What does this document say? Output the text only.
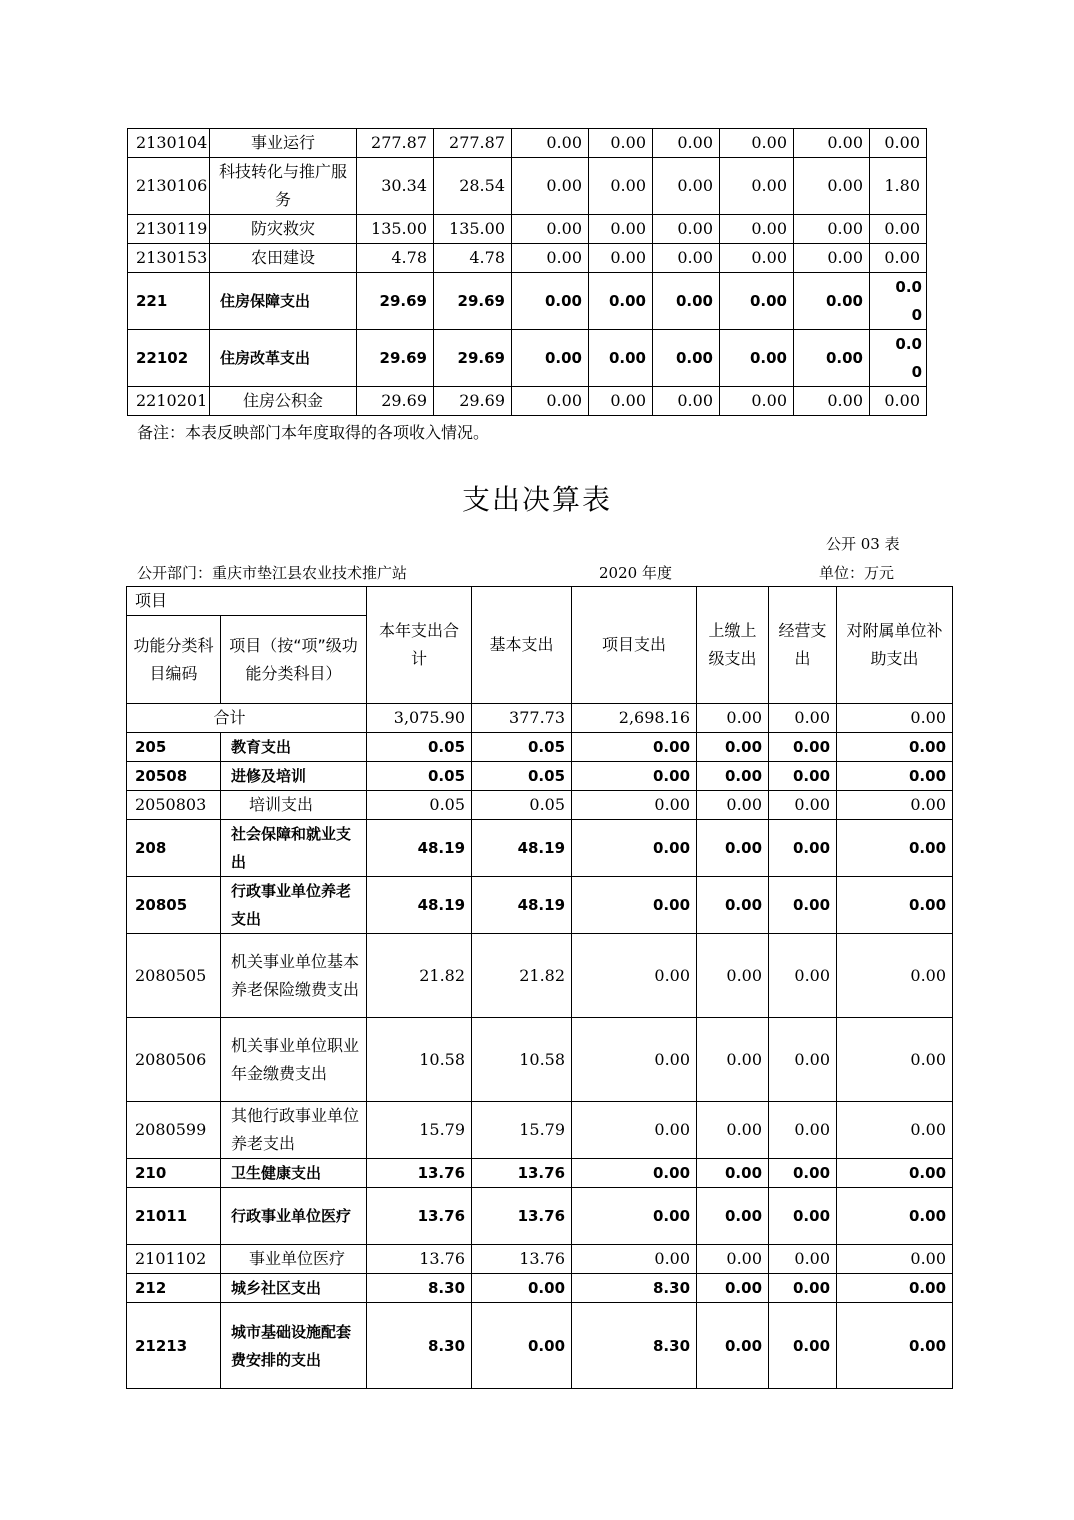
2130104	事业运行	277.87	277.87	0.00	0.00	0.00	0.00	0.00	0.00
2130106	科技转化与推广服务	30.34	28.54	0.00	0.00	0.00	0.00	0.00	1.80
2130119	防灾救灾	135.00	135.00	0.00	0.00	0.00	0.00	0.00	0.00
2130153	农田建设	4.78	4.78	0.00	0.00	0.00	0.00	0.00	0.00
221	住房保障支出	29.69	29.69	0.00	0.00	0.00	0.00	0.00	0.00
22102	住房改革支出	29.69	29.69	0.00	0.00	0.00	0.00	0.00	0.00
2210201	住房公积金	29.69	29.69	0.00	0.00	0.00	0.00	0.00	0.00
备注：本表反映部门本年度取得的各项收入情况。
支出决算表
公开 03 表
公开部门：重庆市垫江县农业技术推广站	2020 年度	单位：万元
项目		本年支出合计	基本支出	项目支出	上缴上级支出	经营支出	对附属单位补助支出
功能分类科目编码	项目（按“项”级功能分类科目）						
合计		3,075.90	377.73	2,698.16	0.00	0.00	0.00
205	教育支出	0.05	0.05	0.00	0.00	0.00	0.00
20508	进修及培训	0.05	0.05	0.00	0.00	0.00	0.00
2050803	培训支出	0.05	0.05	0.00	0.00	0.00	0.00
208	社会保障和就业支出	48.19	48.19	0.00	0.00	0.00	0.00
20805	行政事业单位养老支出	48.19	48.19	0.00	0.00	0.00	0.00
2080505	机关事业单位基本养老保险缴费支出	21.82	21.82	0.00	0.00	0.00	0.00
2080506	机关事业单位职业年金缴费支出	10.58	10.58	0.00	0.00	0.00	0.00
2080599	其他行政事业单位养老支出	15.79	15.79	0.00	0.00	0.00	0.00
210	卫生健康支出	13.76	13.76	0.00	0.00	0.00	0.00
21011	行政事业单位医疗	13.76	13.76	0.00	0.00	0.00	0.00
2101102	事业单位医疗	13.76	13.76	0.00	0.00	0.00	0.00
212	城乡社区支出	8.30	0.00	8.30	0.00	0.00	0.00
21213	城市基础设施配套费安排的支出	8.30	0.00	8.30	0.00	0.00	0.00
